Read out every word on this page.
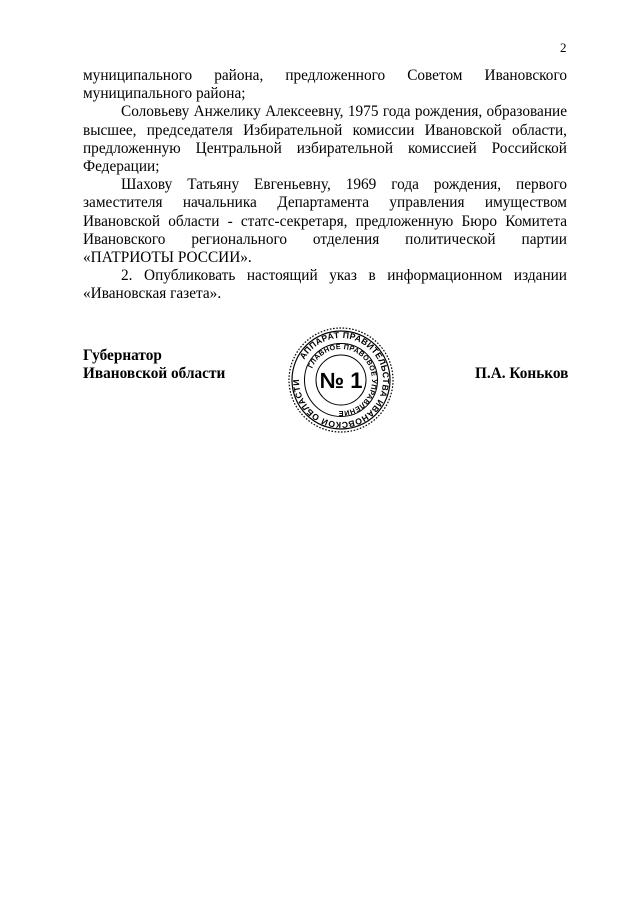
2

муниципального района, предложенного Советом Ивановского муниципального района;

Соловьеву Анжелику Алексеевну, 1975 года рождения, образование высшее, председателя Избирательной комиссии Ивановской области, предложенную Центральной избирательной комиссией Российской Федерации;

Шахову Татьяну Евгеньевну, 1969 года рождения, первого заместителя начальника Департамента управления имуществом Ивановской области - статс-секретаря, предложенную Бюро Комитета Ивановского регионального отделения политической партии «ПАТРИОТЫ РОССИИ».

2. Опубликовать настоящий указ в информационном издании «Ивановская газета».

Губернатор
Ивановской области
АППАРАТ ПРАВИТЕЛЬСТВА ИВАНОВСКОЙ ОБЛАСТИ
ГЛАВНОЕ ПРАВОВОЕ УПРАВЛЕНИЕ
№ 1	П.А. Коньков
